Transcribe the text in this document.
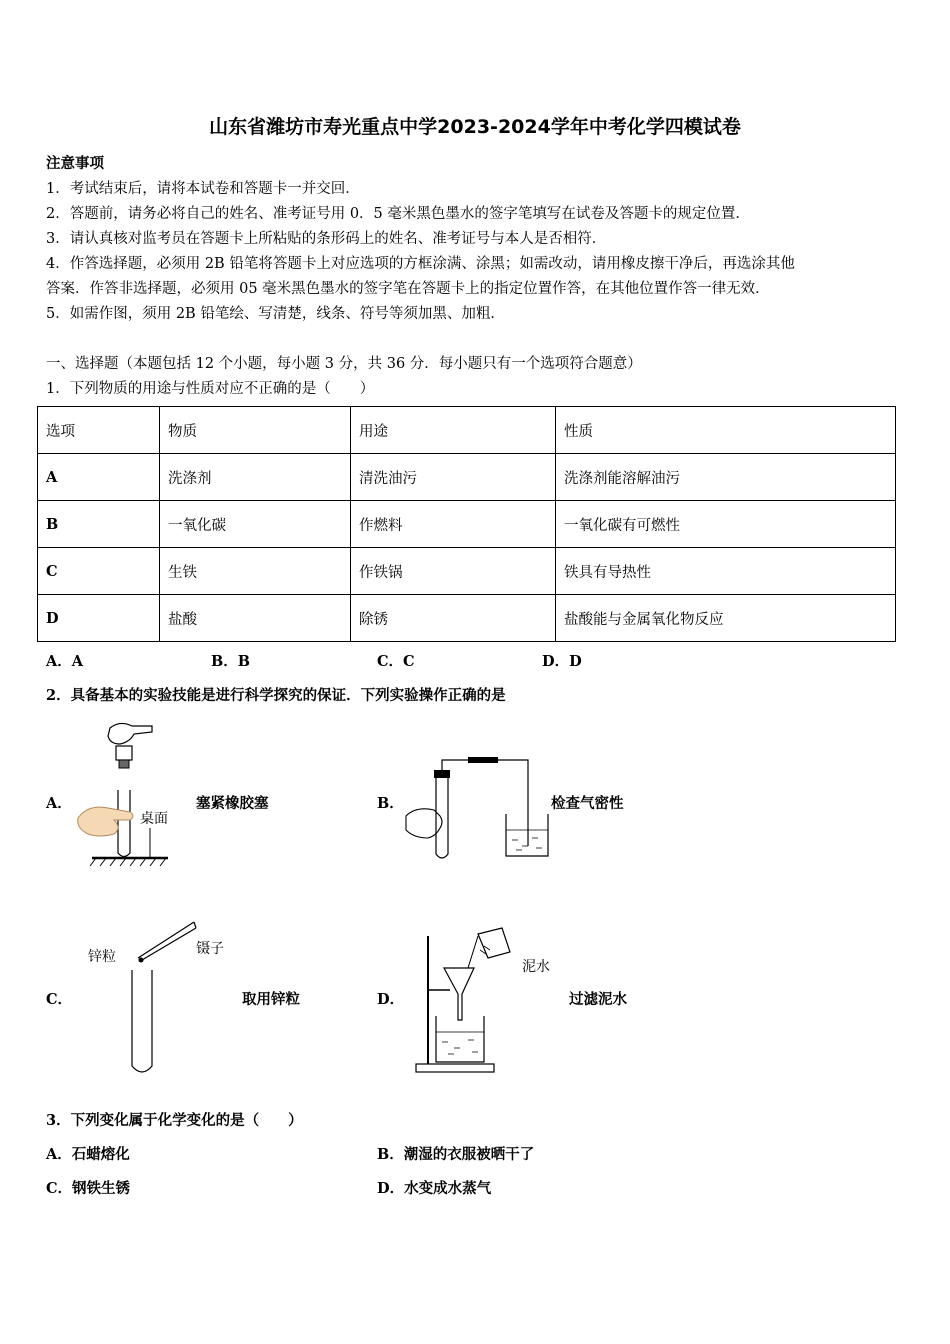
山东省潍坊市寿光重点中学2023-2024学年中考化学四模试卷
注意事项
1．考试结束后，请将本试卷和答题卡一并交回．
2．答题前，请务必将自己的姓名、准考证号用 0．5 毫米黑色墨水的签字笔填写在试卷及答题卡的规定位置．
3．请认真核对监考员在答题卡上所粘贴的条形码上的姓名、准考证号与本人是否相符．
4．作答选择题，必须用 2B 铅笔将答题卡上对应选项的方框涂满、涂黑；如需改动，请用橡皮擦干净后，再选涂其他
答案．作答非选择题，必须用 05 毫米黑色墨水的签字笔在答题卡上的指定位置作答，在其他位置作答一律无效．
5．如需作图，须用 2B 铅笔绘、写清楚，线条、符号等须加黑、加粗．
一、选择题（本题包括 12 个小题，每小题 3 分，共 36 分．每小题只有一个选项符合题意）
1．下列物质的用途与性质对应不正确的是（　　）
选项	物质	用途	性质
A	洗涤剂	清洗油污	洗涤剂能溶解油污
B	一氧化碳	作燃料	一氧化碳有可燃性
C	生铁	作铁锅	铁具有导热性
D	盐酸	除锈	盐酸能与金属氧化物反应
A．A	B．B	C．C	D．D
2．具备基本的实验技能是进行科学探究的保证．下列实验操作正确的是
A．
桌面
塞紧橡胶塞	B．	检查气密性
C．
锌粒	镊子
取用锌粒	D．
泥水
过滤泥水
3．下列变化属于化学变化的是（　　）
A．石蜡熔化	B．潮湿的衣服被晒干了
C．钢铁生锈	D．水变成水蒸气
